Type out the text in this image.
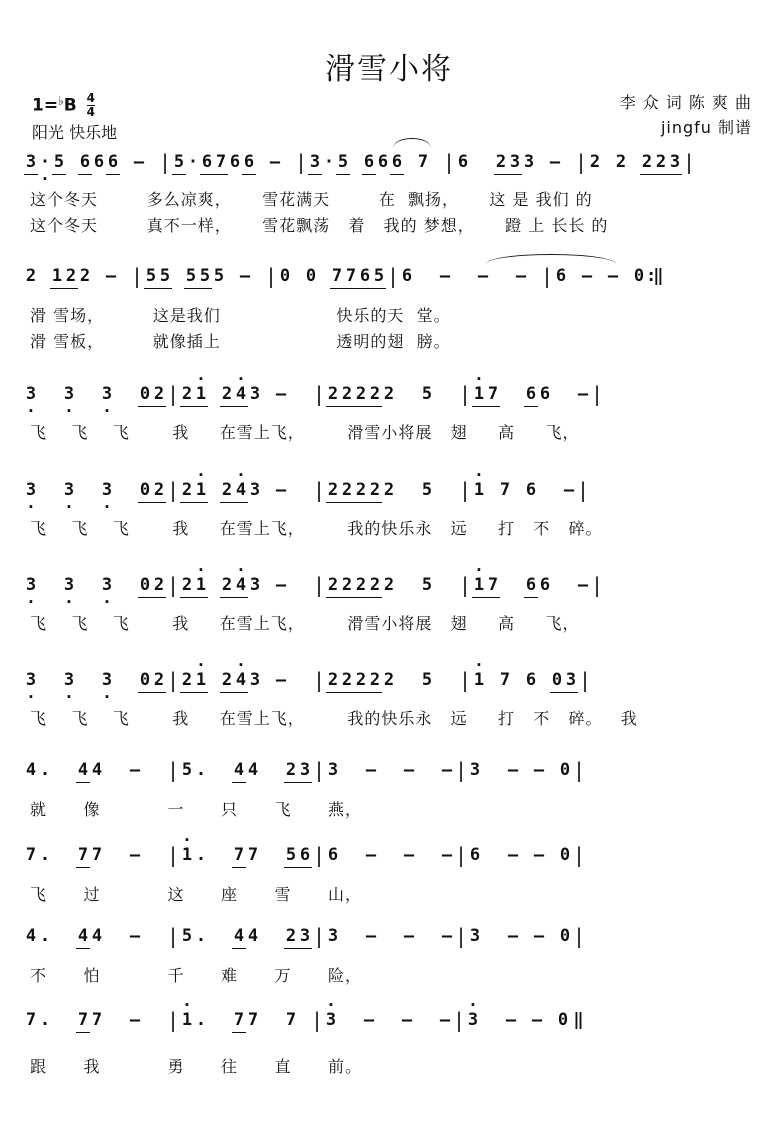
滑雪小将
$1=^♭B \frac{4}{4}$
阳光 快乐地
李 众 词 陈 爽 曲
jingfu 制谱
3 · · 5 6 6 6 – | 5 · 6 7 6 6 – | 3 · 5 6 6 6 7 | 6 2 3 3 – | 2 2 2 2 3 |
这个冬天        多么凉爽，     雪花满天        在  飘扬，     这 是 我们 的
这个冬天        真不一样，     雪花飘荡   着   我的 梦想，     蹬 上 长长 的
2 1 2 2 – | 5 5 5 5 5 – | 0 0 7 7 6 5 | 6 – – – | 6 – – 0 :‖
滑 雪场，        这是我们                   快乐的天  堂。
滑 雪板，        就像插上                   透明的翅  膀。
· 3 · 3 · 3 0 2 | 2 · 1 2 · 4 3 – | 2 2 2 2 2 5 | · 1 7 6 6 – |
飞    飞    飞       我     在雪上飞，       滑雪小将展   翅     高     飞，
· 3 · 3 · 3 0 2 | 2 · 1 2 · 4 3 – | 2 2 2 2 2 5 | · 1 7 6 – |
飞    飞    飞       我     在雪上飞，       我的快乐永   远     打   不   碎。
· 3 · 3 · 3 0 2 | 2 · 1 2 · 4 3 – | 2 2 2 2 2 5 | · 1 7 6 6 – |
飞    飞    飞       我     在雪上飞，       滑雪小将展   翅     高     飞，
· 3 · 3 · 3 0 2 | 2 · 1 2 · 4 3 – | 2 2 2 2 2 5 | · 1 7 6 0 3 |
飞    飞    飞       我     在雪上飞，       我的快乐永   远     打   不   碎。   我
4 . 4 4 – | 5 . 4 4 2 3 | 3 – – – | 3 – – 0 |
就      像           一      只      飞      燕，
7 . 7 7 – | · 1 . 7 7 5 6 | 6 – – – | 6 – – 0 |
飞      过           这      座      雪      山，
4 . 4 4 – | 5 . 4 4 2 3 | 3 – – – | 3 – – 0 |
不      怕           千      难      万      险，
7 . 7 7 – | · 1 . 7 7 7 | · 3 – – – | · 3 – – 0 ‖
跟      我           勇      往      直      前。
